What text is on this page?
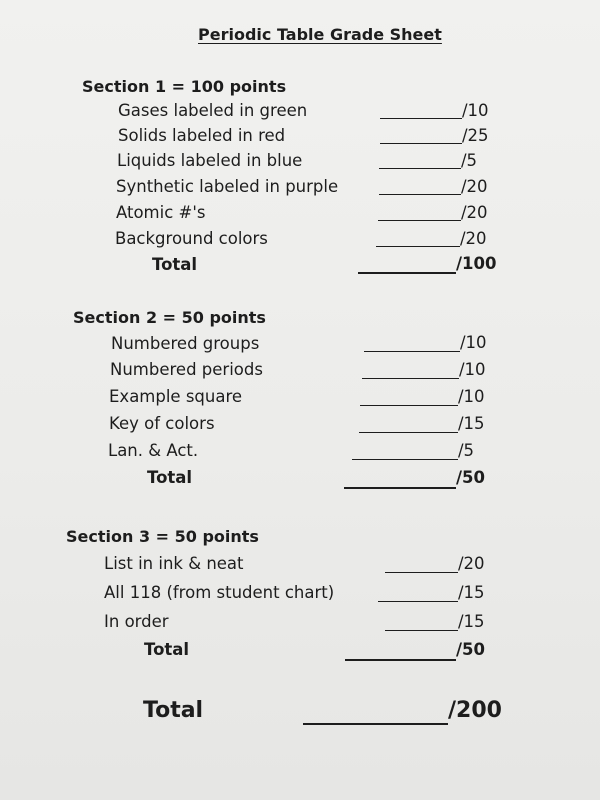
Periodic Table Grade Sheet
Section 1 = 100 points
Gases labeled in green	/10
Solids labeled in red	/25
Liquids labeled in blue	/5
Synthetic labeled in purple	/20
Atomic #'s	/20
Background colors	/20
Total	/100
Section 2 = 50 points
Numbered groups	/10
Numbered periods	/10
Example square	/10
Key of colors	/15
Lan. & Act.	/5
Total	/50
Section 3 = 50 points
List in ink & neat	/20
All 118 (from student chart)	/15
In order	/15
Total	/50
Total	/200
